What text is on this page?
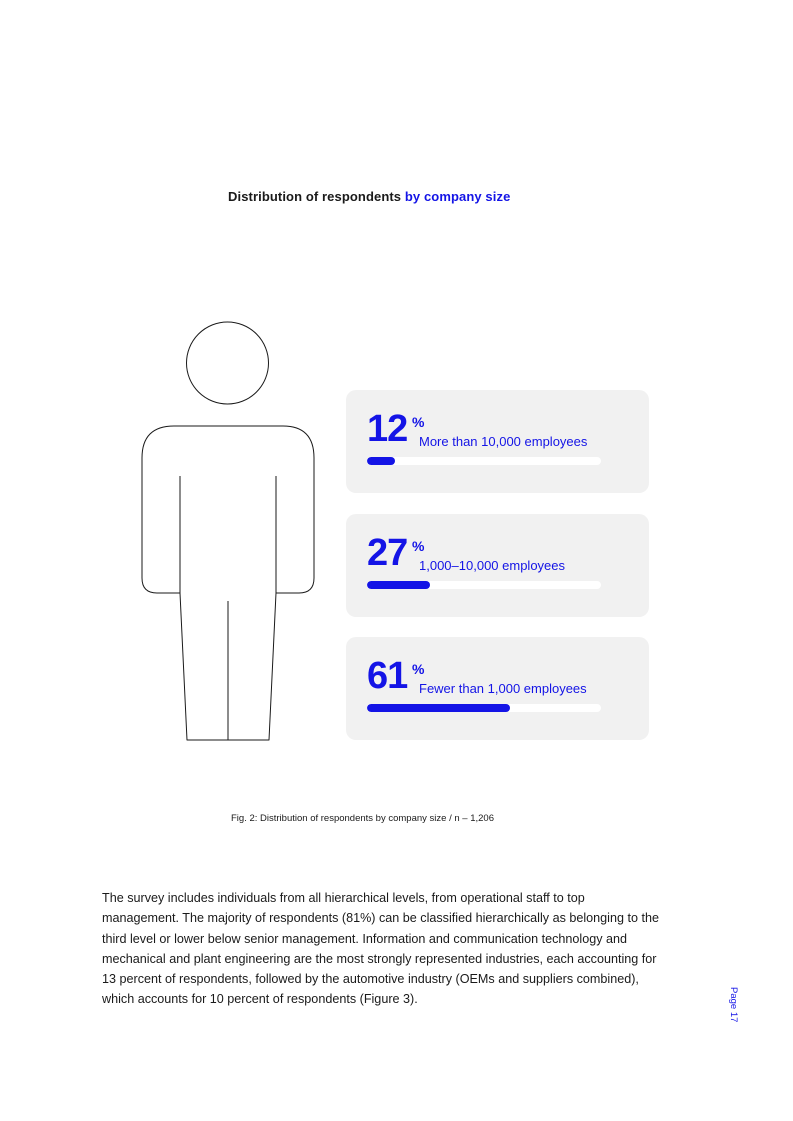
Distribution of respondents by company size
12 %
More than 10,000 employees
27 %
1,000–10,000 employees
61 %
Fewer than 1,000 employees
Fig. 2: Distribution of respondents by company size / n – 1,206

The survey includes individuals from all hierarchical levels, from operational staff to top management. The majority of respondents (81%) can be classified hierarchically as belonging to the third level or lower below senior management. Information and communication technology and mechanical and plant engineering are the most strongly represented industries, each accounting for 13 percent of respondents, followed by the automotive industry (OEMs and suppliers combined), which accounts for 10 percent of respondents (Figure 3).	Page 17
